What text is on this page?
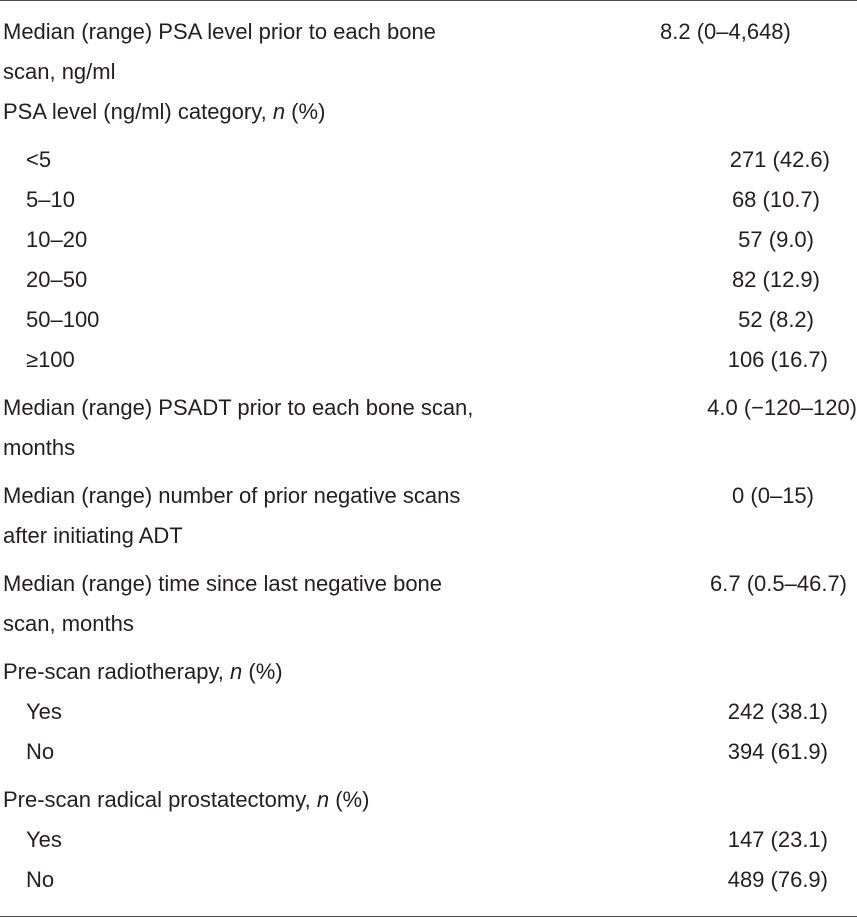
Median (range) PSA level prior to each bone	8.2 (0–4,648)
scan, ng/ml
PSA level (ng/ml) category, n (%)
<5	271 (42.6)
5–10	68 (10.7)
10–20	57 (9.0)
20–50	82 (12.9)
50–100	52 (8.2)
≥100	106 (16.7)
Median (range) PSADT prior to each bone scan,	4.0 (−120–120)
months
Median (range) number of prior negative scans	0 (0–15)
after initiating ADT
Median (range) time since last negative bone	6.7 (0.5–46.7)
scan, months
Pre-scan radiotherapy, n (%)
Yes	242 (38.1)
No	394 (61.9)
Pre-scan radical prostatectomy, n (%)
Yes	147 (23.1)
No	489 (76.9)
